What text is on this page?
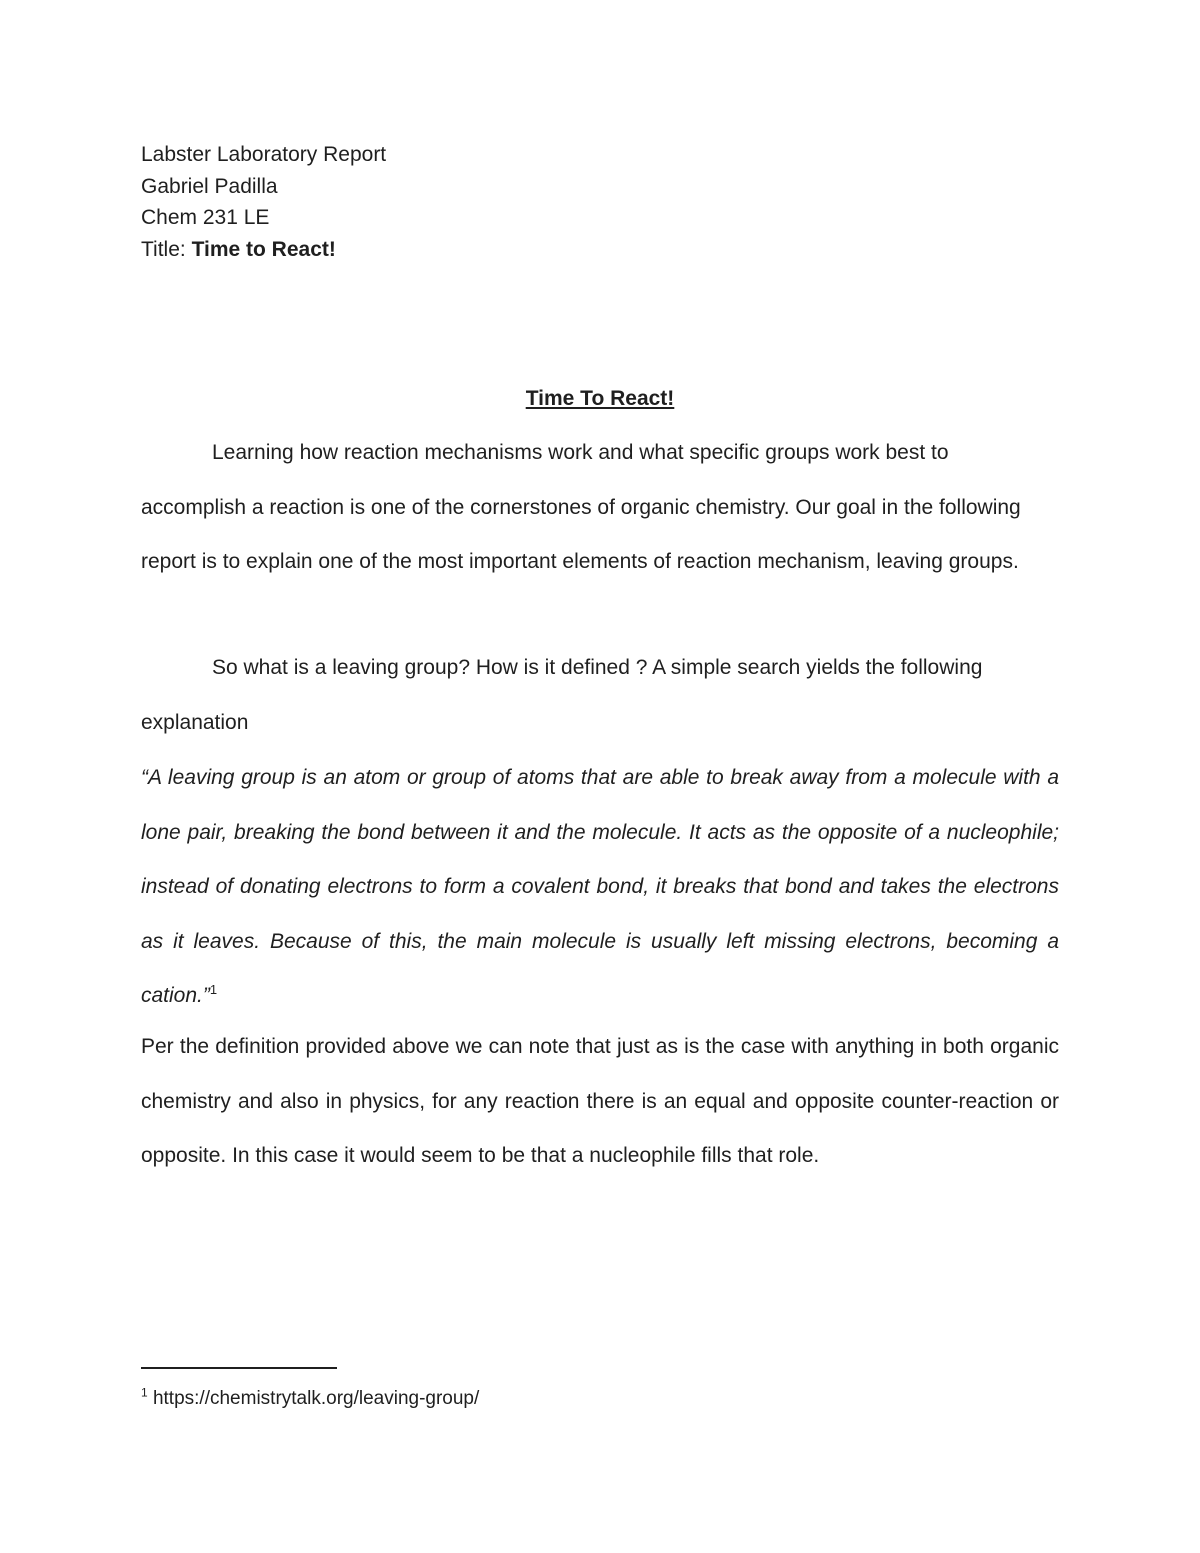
Labster Laboratory Report
Gabriel Padilla
Chem 231 LE
Title: Time to React!
Time To React!

Learning how reaction mechanisms work and what specific groups work best to accomplish a reaction is one of the cornerstones of organic chemistry. Our goal in the following report is to explain one of the most important elements of reaction mechanism, leaving groups.

So what is a leaving group? How is it defined ? A simple search yields the following explanation

“A leaving group is an atom or group of atoms that are able to break away from a molecule with a lone pair, breaking the bond between it and the molecule. It acts as the opposite of a nucleophile; instead of donating electrons to form a covalent bond, it breaks that bond and takes the electrons as it leaves. Because of this, the main molecule is usually left missing electrons, becoming a cation.”$^1$

Per the definition provided above we can note that just as is the case with anything in both organic chemistry and also in physics, for any reaction there is an equal and opposite counter-reaction or opposite. In this case it would seem to be that a nucleophile fills that role.

$^1$ https://chemistrytalk.org/leaving-group/
